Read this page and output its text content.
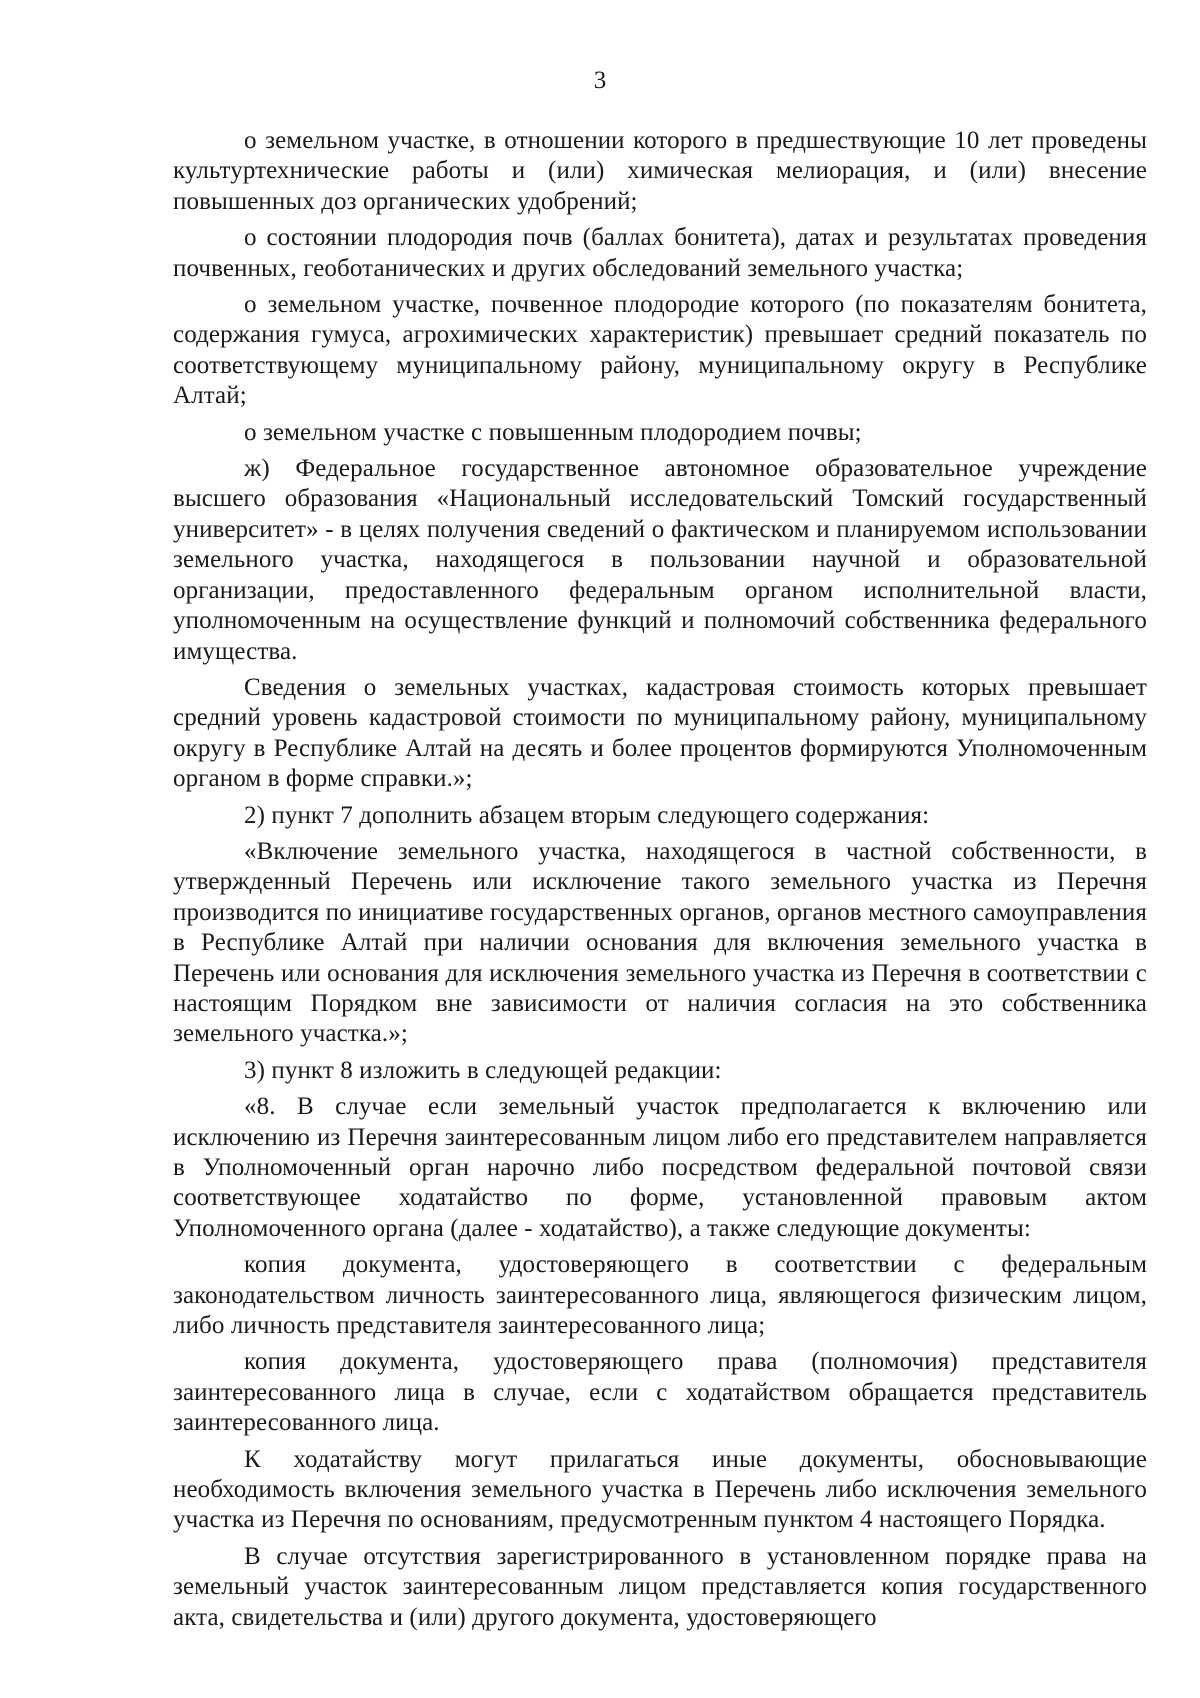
3

о земельном участке, в отношении которого в предшествующие 10 лет проведены культуртехнические работы и (или) химическая мелиорация, и (или) внесение повышенных доз органических удобрений;

о состоянии плодородия почв (баллах бонитета), датах и результатах проведения почвенных, геоботанических и других обследований земельного участка;

о земельном участке, почвенное плодородие которого (по показателям бонитета, содержания гумуса, агрохимических характеристик) превышает средний показатель по соответствующему муниципальному району, муниципальному округу в Республике Алтай;

о земельном участке с повышенным плодородием почвы;

ж) Федеральное государственное автономное образовательное учреждение высшего образования «Национальный исследовательский Томский государственный университет» - в целях получения сведений о фактическом и планируемом использовании земельного участка, находящегося в пользовании научной и образовательной организации, предоставленного федеральным органом исполнительной власти, уполномоченным на осуществление функций и полномочий собственника федерального имущества.

Сведения о земельных участках, кадастровая стоимость которых превышает средний уровень кадастровой стоимости по муниципальному району, муниципальному округу в Республике Алтай на десять и более процентов формируются Уполномоченным органом в форме справки.»;

2) пункт 7 дополнить абзацем вторым следующего содержания:

«Включение земельного участка, находящегося в частной собственности, в утвержденный Перечень или исключение такого земельного участка из Перечня производится по инициативе государственных органов, органов местного самоуправления в Республике Алтай при наличии основания для включения земельного участка в Перечень или основания для исключения земельного участка из Перечня в соответствии с настоящим Порядком вне зависимости от наличия согласия на это собственника земельного участка.»;

3) пункт 8 изложить в следующей редакции:

«8. В случае если земельный участок предполагается к включению или исключению из Перечня заинтересованным лицом либо его представителем направляется в Уполномоченный орган нарочно либо посредством федеральной почтовой связи соответствующее ходатайство по форме, установленной правовым актом Уполномоченного органа (далее - ходатайство), а также следующие документы:

копия документа, удостоверяющего в соответствии с федеральным законодательством личность заинтересованного лица, являющегося физическим лицом, либо личность представителя заинтересованного лица;

копия документа, удостоверяющего права (полномочия) представителя заинтересованного лица в случае, если с ходатайством обращается представитель заинтересованного лица.

К ходатайству могут прилагаться иные документы, обосновывающие необходимость включения земельного участка в Перечень либо исключения земельного участка из Перечня по основаниям, предусмотренным пунктом 4 настоящего Порядка.

В случае отсутствия зарегистрированного в установленном порядке права на земельный участок заинтересованным лицом представляется копия государственного акта, свидетельства и (или) другого документа, удостоверяющего
